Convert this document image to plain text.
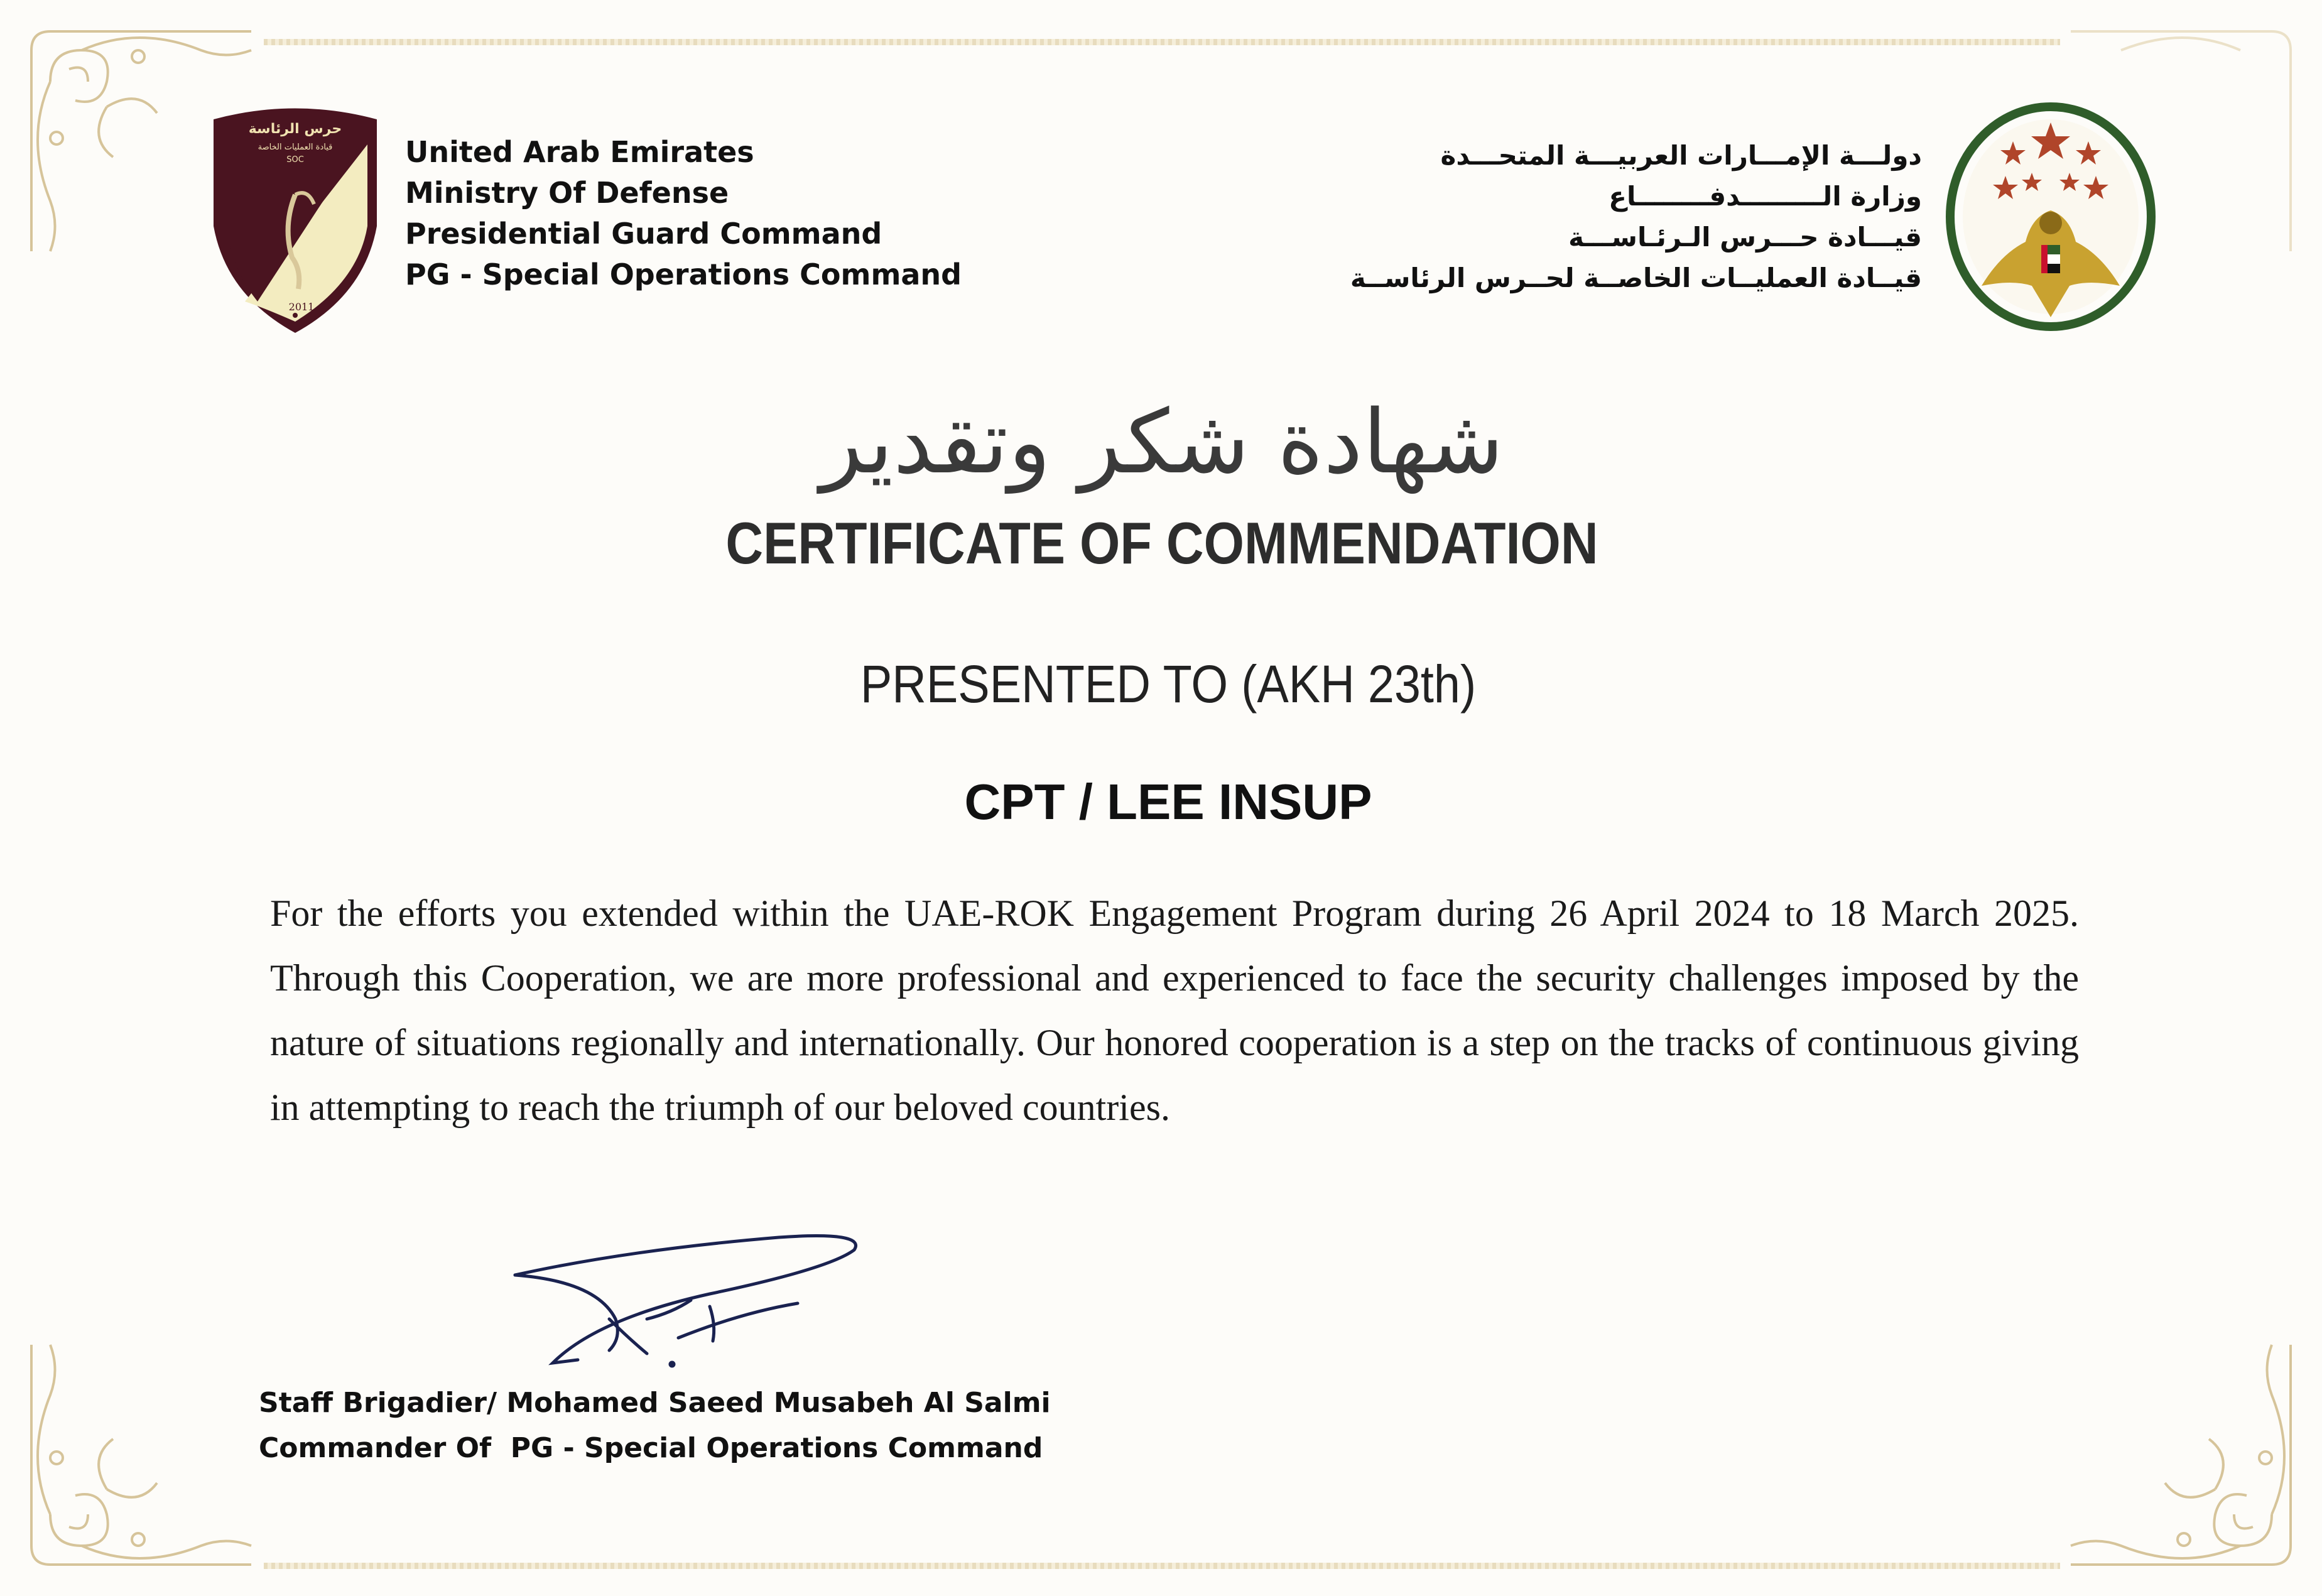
حرس الرئاسة
قيادة العمليات الخاصة
SOC
2011
United Arab Emirates
Ministry Of Defense
Presidential Guard Command
PG - Special Operations Command
دولـــة الإمـــارات العربيـــة المتحـــدة
وزارة الـــــــــدفــــــــاع
قيـــادة حـــرس الـرئـاســـة
قيــادة العمليــات الخاصــة لحــرس الرئاســة
شهادة شكر وتقدير
CERTIFICATE OF COMMENDATION
PRESENTED TO (AKH 23th)
CPT / LEE INSUP
For the efforts you extended within the UAE-ROK Engagement Program during 26 April 2024 to 18 March 2025. Through this Cooperation, we are more professional and experienced to face the security challenges imposed by the nature of situations regionally and internationally. Our honored cooperation is a step on the tracks of continuous giving in attempting to reach the triumph of our beloved countries.
Staff Brigadier/ Mohamed Saeed Musabeh Al Salmi
Commander Of  PG - Special Operations Command
